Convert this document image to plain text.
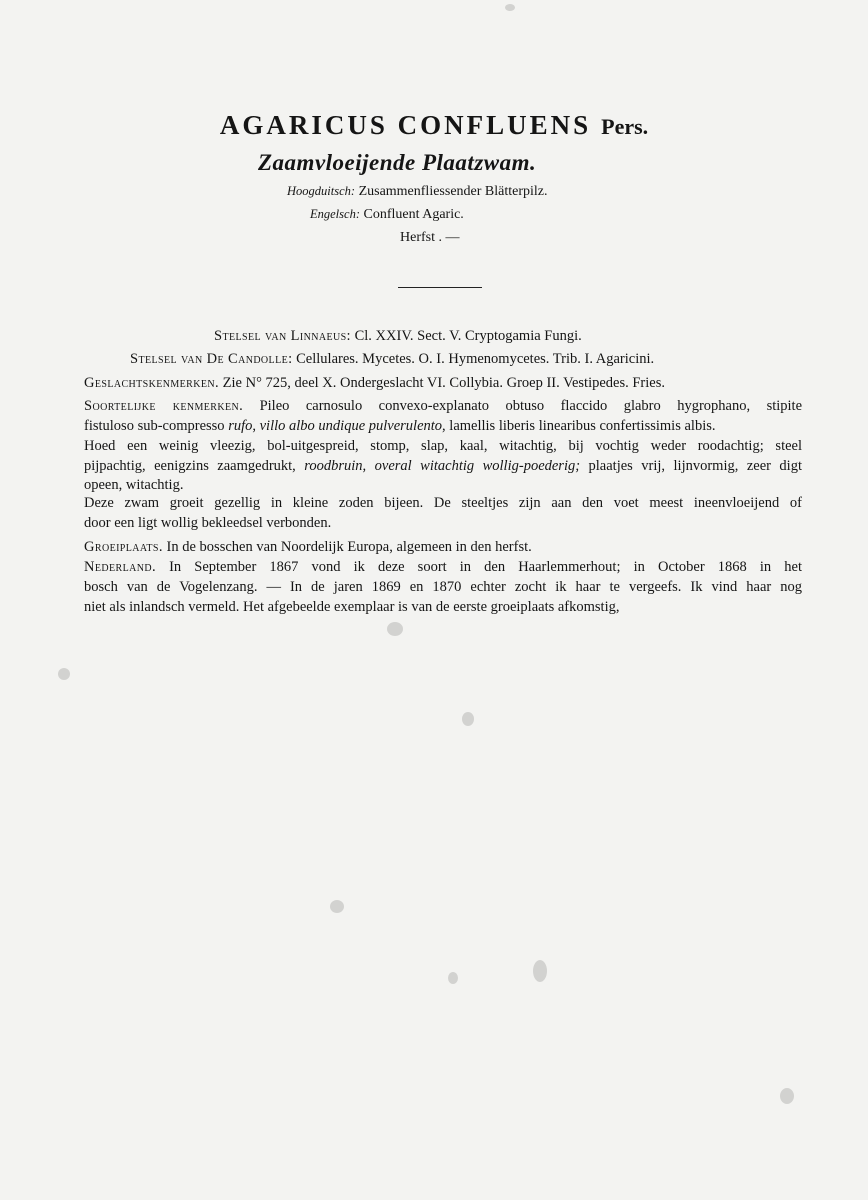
AGARICUS CONFLUENS Pers.
Zaamvloeijende Plaatzwam.
Hoogduitsch: Zusammenfliessender Blätterpilz.
Engelsch: Confluent Agaric.
Herfst . —
Stelsel van Linnaeus: Cl. XXIV. Sect. V. Cryptogamia Fungi.
Stelsel van De Candolle: Cellulares. Mycetes. O. I. Hymenomycetes. Trib. I. Agaricini.
Geslachtskenmerken. Zie N° 725, deel X. Ondergeslacht VI. Collybia. Groep II. Vestipedes. Fries.
Soortelijke kenmerken. Pileo carnosulo convexo-explanato obtuso flaccido glabro hygrophano, stipite
fistuloso sub-compresso rufo, villo albo undique pulverulento, lamellis liberis linearibus confertissimis albis.
Hoed een weinig vleezig, bol-uitgespreid, stomp, slap, kaal, witachtig, bij vochtig weder roodachtig; steel
pijpachtig, eenigzins zaamgedrukt, roodbruin, overal witachtig wollig-poederig; plaatjes vrij, lijnvormig, zeer digt
opeen, witachtig.
Deze zwam groeit gezellig in kleine zoden bijeen. De steeltjes zijn aan den voet meest ineenvloeijend of
door een ligt wollig bekleedsel verbonden.
Groeiplaats. In de bosschen van Noordelijk Europa, algemeen in den herfst.
Nederland. In September 1867 vond ik deze soort in den Haarlemmerhout; in October 1868 in het
bosch van de Vogelenzang. — In de jaren 1869 en 1870 echter zocht ik haar te vergeefs. Ik vind haar nog
niet als inlandsch vermeld. Het afgebeelde exemplaar is van de eerste groeiplaats afkomstig,
